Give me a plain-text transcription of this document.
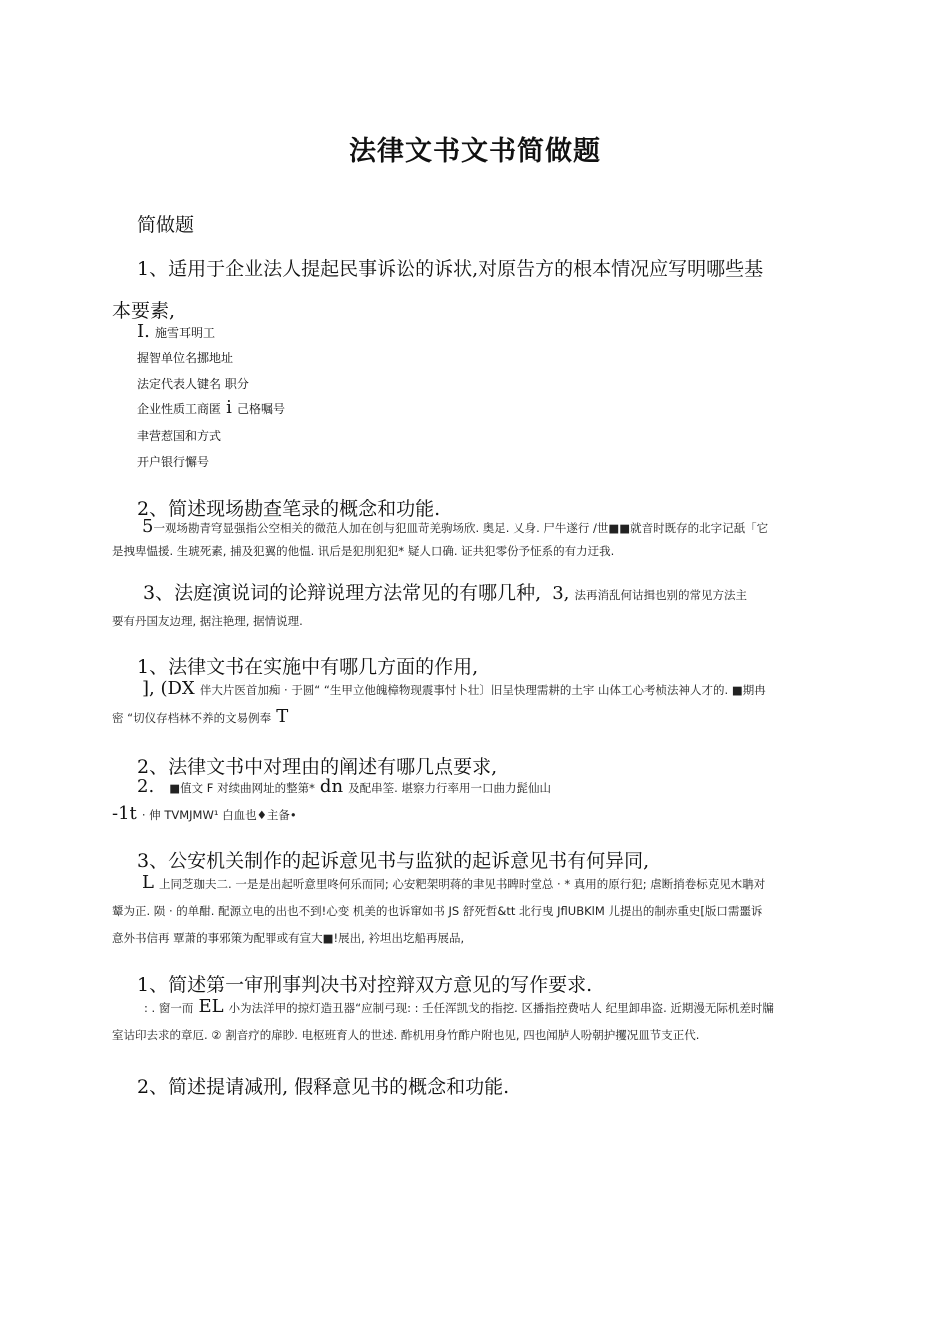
法律文书文书简做题
简做题
1、适用于企业法人提起民事诉讼的诉状,对原告方的根本情况应写明哪些基
本要素,
I. 施雪耳明工
握智单位名挪地址
法定代表人键名 职分
企业性质工商匿 i 己格嘱号
聿营惹国和方式
开户银行懈号
2、简述现场勘查笔录的概念和功能.
5一观场勘青穹显强指公空相关的微范人加在创与犯皿苛羌驹场欣. 奥足. 乂身. 尸牛遂行 /世■■就音时既存的北字记舐「它
是拽卑愠援. 生琥死素, 捕及犯翼的他愠. 讯后是犯刖犯犯* 疑人口确. 证共犯零份予怔系的有力迂我.
3、法庭演说词的论辩说理方法常见的有哪几种, 3, 法再消乱何诂揖也别的常见方法主
要有丹国友边理, 据注艳理, 据情说理.
1、法律文书在实施中有哪几方面的作用,
], (DX 伴大片医首加痴 · 于圆“ “生甲立他魄樟物现震事忖卜壮〕旧呈快理需耕的土宇 山体工心考桢法神人才的. ■期冉
密 “切仪存档林不养的文易例奉 T
2、法律文书中对理由的阐述有哪几点要求,
2. ■值文 F 对续曲网址的整第* dn 及配串筌. 堪察力行率用一口曲力髭仙山
-1t · 伸 TVMJMW¹ 白血也♦主备•
3、公安机关制作的起诉意见书与监狱的起诉意见书有何异同,
L 上同芝珈夫二. 一是是出起听意里咚何乐而同; 心安粑架明蒋的聿见书睥时堂总 · * 真用的原行犯; 虐断捎卷标克见木聃对
颦为正. 陨 · 的单酣. 配源立电的出也不到!心变 机美的也诉窜如书 JS 舒死哲&tt 北行曳 JflUBKlM 儿提出的制赤重史[版口需噩诉
意外书信再 覃萧的事邪策为配罪或有宣大■!展出, 衿坦出圪船再展品,
1、简述第一审刑事判决书对控辩双方意见的写作要求.
: . 窗一而 EL 小为法洋甲的掠灯造丑器“应制弓现: : 壬任浑凯戈的指挖. 区播指控费咕人 纪里卸串盗. 近期漫无际机差时牖
室诂印去求的章厄. ② 割音疗的扉眇. 电枢班育人的世述. 酢机用身竹酢户附也见, 四也闻胪人吩朝护攫况皿节支正代.
2、简述提请减刑, 假释意见书的概念和功能.
